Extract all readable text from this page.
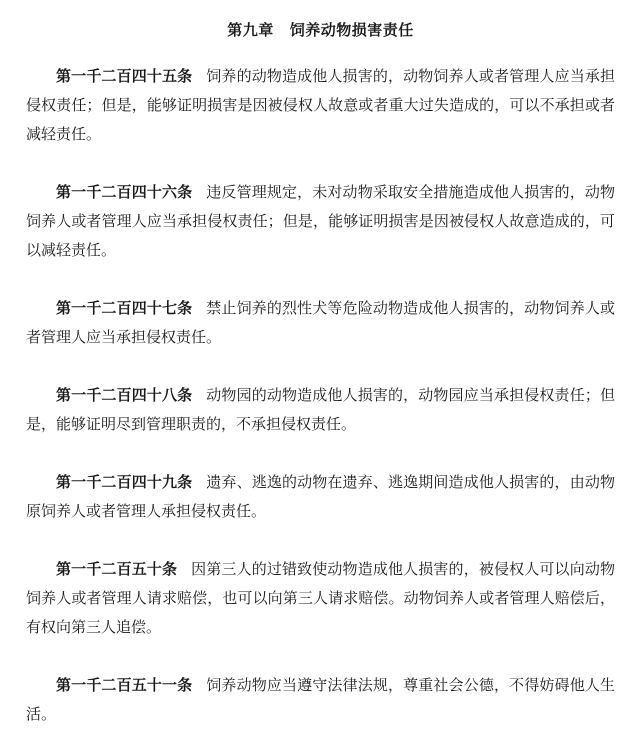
第九章 饲养动物损害责任

第一千二百四十五条 饲养的动物造成他人损害的，动物饲养人或者管理人应当承担侵权责任；但是，能够证明损害是因被侵权人故意或者重大过失造成的，可以不承担或者减轻责任。

第一千二百四十六条 违反管理规定，未对动物采取安全措施造成他人损害的，动物饲养人或者管理人应当承担侵权责任；但是，能够证明损害是因被侵权人故意造成的，可以减轻责任。

第一千二百四十七条 禁止饲养的烈性犬等危险动物造成他人损害的，动物饲养人或者管理人应当承担侵权责任。

第一千二百四十八条 动物园的动物造成他人损害的，动物园应当承担侵权责任；但是，能够证明尽到管理职责的，不承担侵权责任。

第一千二百四十九条 遗弃、逃逸的动物在遗弃、逃逸期间造成他人损害的，由动物原饲养人或者管理人承担侵权责任。

第一千二百五十条 因第三人的过错致使动物造成他人损害的，被侵权人可以向动物饲养人或者管理人请求赔偿，也可以向第三人请求赔偿。动物饲养人或者管理人赔偿后，有权向第三人追偿。

第一千二百五十一条 饲养动物应当遵守法律法规，尊重社会公德，不得妨碍他人生活。
